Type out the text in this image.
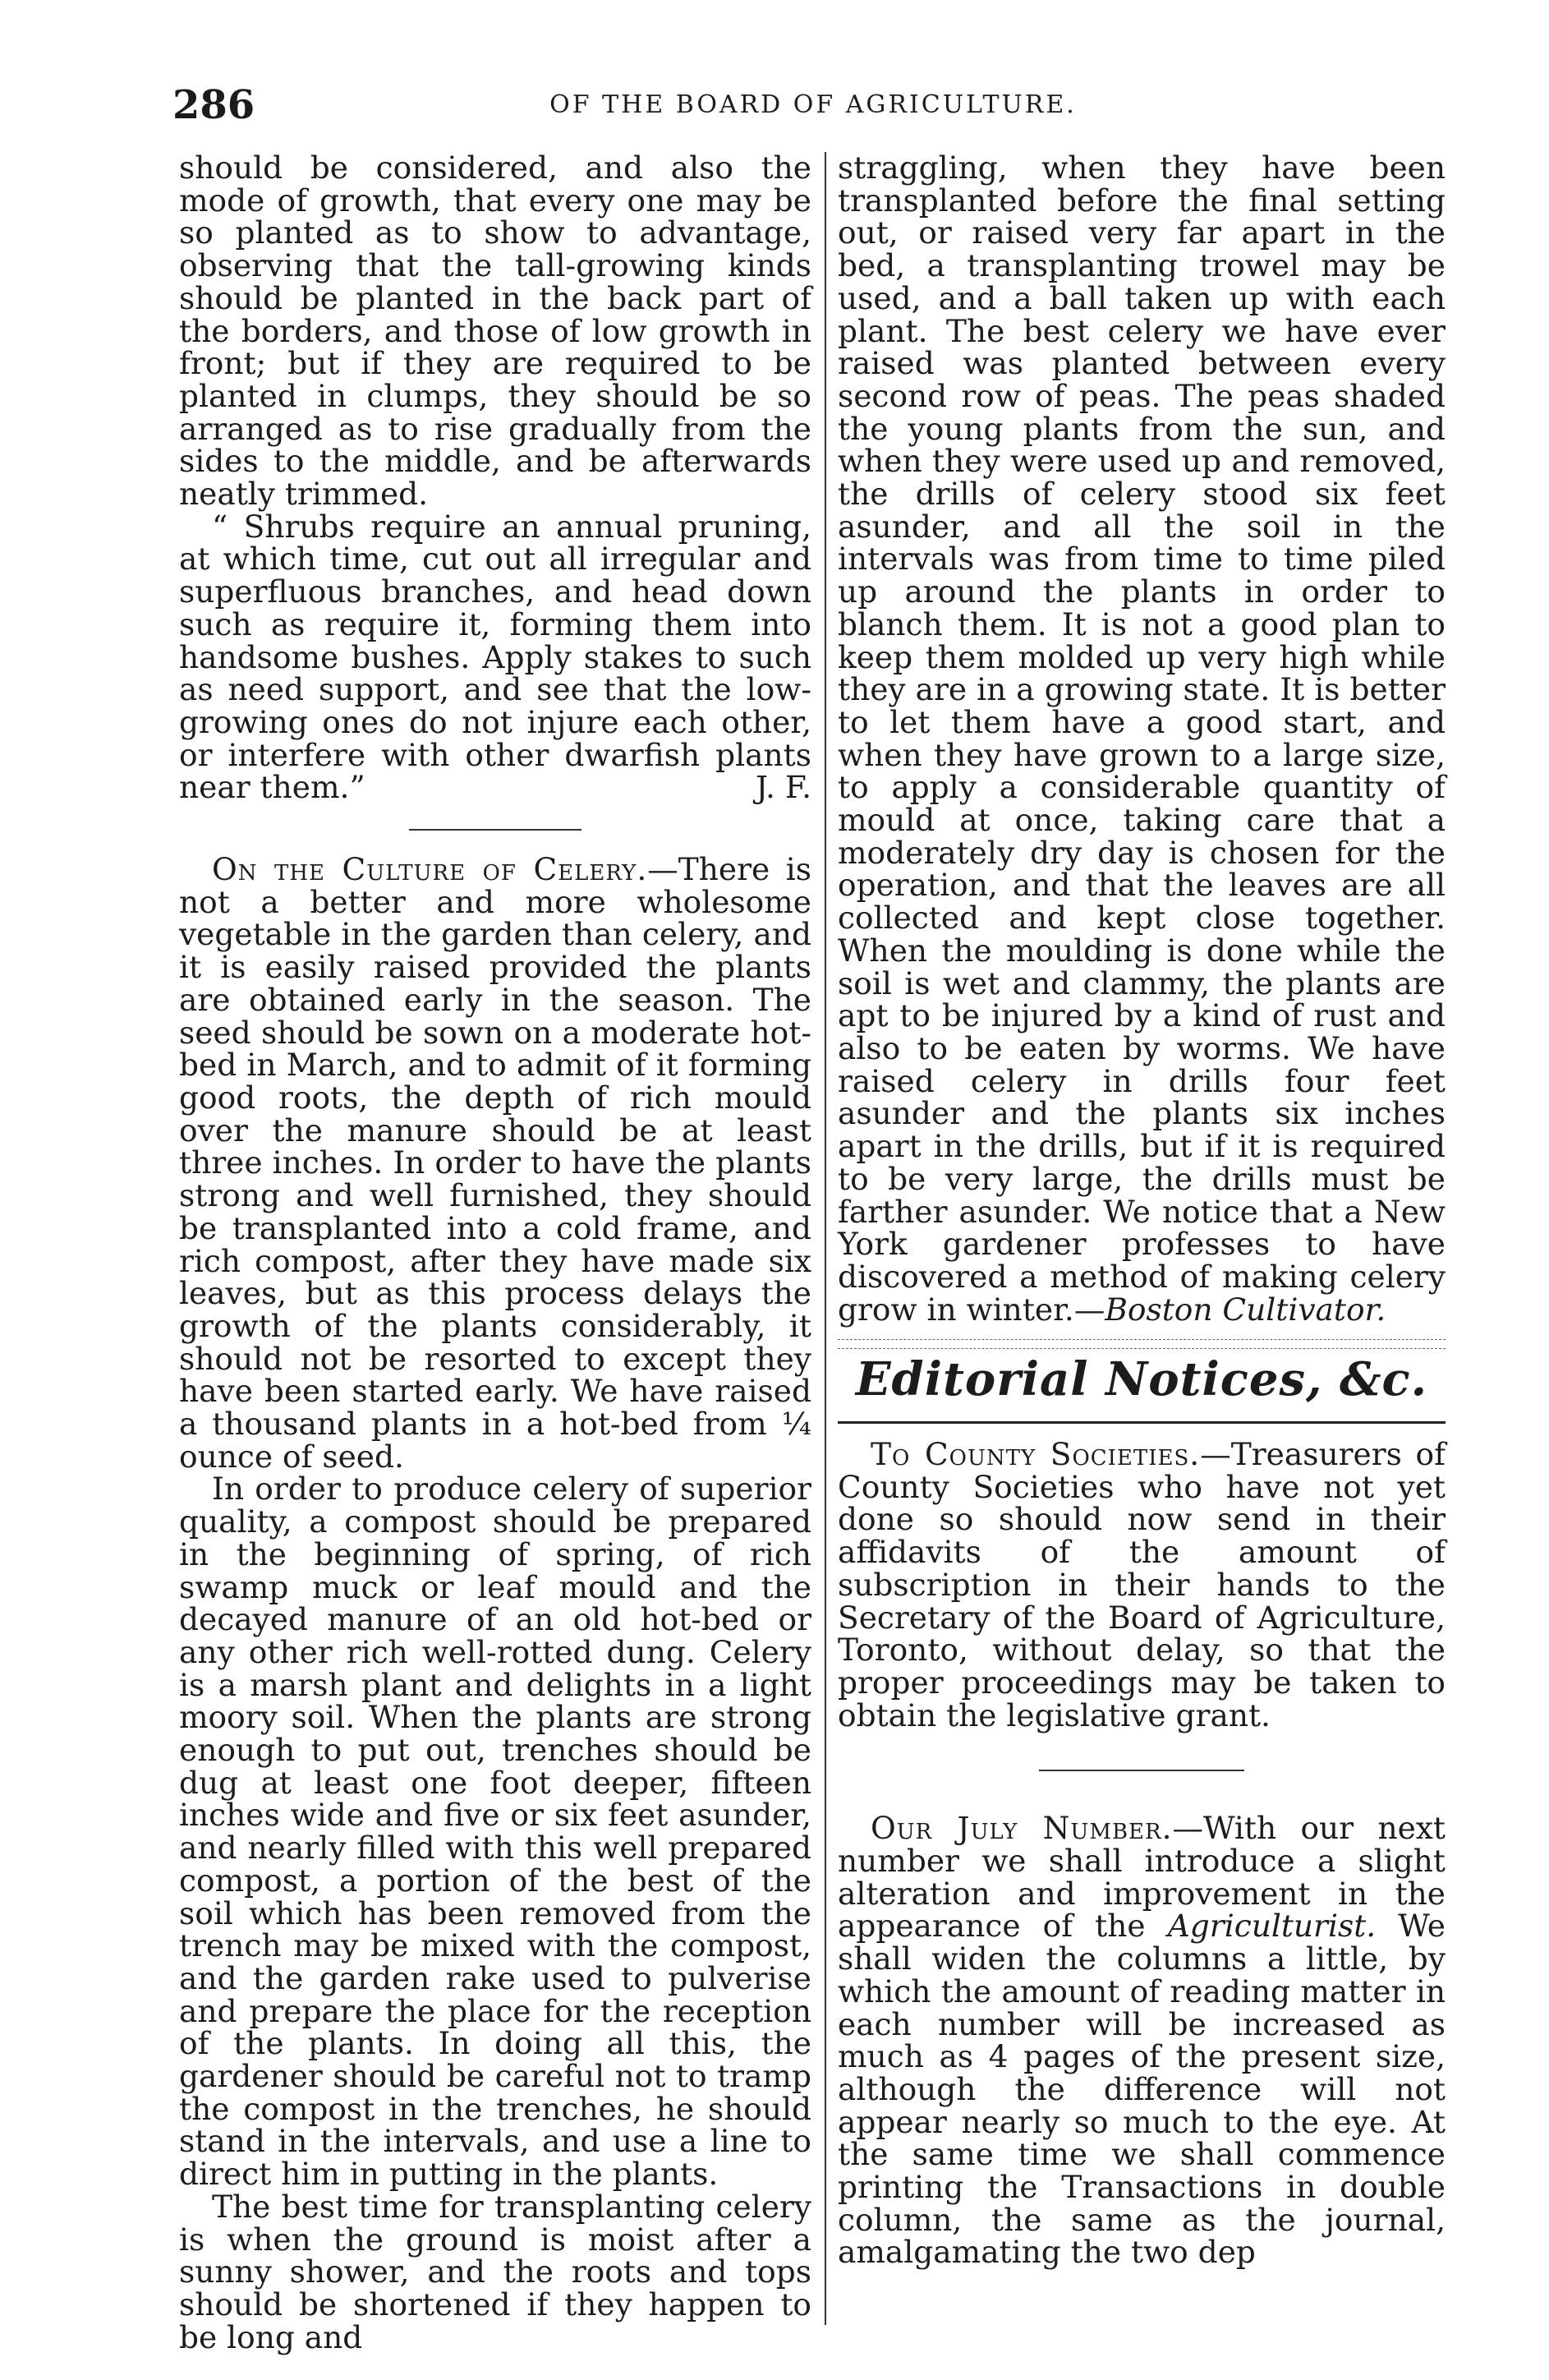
286	OF THE BOARD OF AGRICULTURE.

should be considered, and also the mode of growth, that every one may be so planted as to show to advantage, observing that the tall-growing kinds should be planted in the back part of the borders, and those of low growth in front; but if they are required to be planted in clumps, they should be so arranged as to rise gradually from the sides to the middle, and be afterwards neatly trimmed.

“ Shrubs require an annual pruning, at which time, cut out all irregular and superfluous branches, and head down such as require it, forming them into handsome bushes. Apply stakes to such as need support, and see that the low-growing ones do not injure each other, or interfere with other dwarfish plants near them.”	J. F.

On the Culture of Celery.—There is not a better and more wholesome vegetable in the garden than celery, and it is easily raised provided the plants are obtained early in the season. The seed should be sown on a moderate hot-bed in March, and to admit of it forming good roots, the depth of rich mould over the manure should be at least three inches. In order to have the plants strong and well furnished, they should be transplanted into a cold frame, and rich compost, after they have made six leaves, but as this process delays the growth of the plants considerably, it should not be resorted to except they have been started early. We have raised a thousand plants in a hot-bed from ¼ ounce of seed.

In order to produce celery of superior quality, a compost should be prepared in the beginning of spring, of rich swamp muck or leaf mould and the decayed manure of an old hot-bed or any other rich well-rotted dung. Celery is a marsh plant and delights in a light moory soil. When the plants are strong enough to put out, trenches should be dug at least one foot deeper, fifteen inches wide and five or six feet asunder, and nearly filled with this well prepared compost, a portion of the best of the soil which has been removed from the trench may be mixed with the compost, and the garden rake used to pulverise and prepare the place for the reception of the plants. In doing all this, the gardener should be careful not to tramp the compost in the trenches, he should stand in the intervals, and use a line to direct him in putting in the plants.

The best time for transplanting celery is when the ground is moist after a sunny shower, and the roots and tops should be shortened if they happen to be long and

straggling, when they have been transplanted before the final setting out, or raised very far apart in the bed, a transplanting trowel may be used, and a ball taken up with each plant. The best celery we have ever raised was planted between every second row of peas. The peas shaded the young plants from the sun, and when they were used up and removed, the drills of celery stood six feet asunder, and all the soil in the intervals was from time to time piled up around the plants in order to blanch them. It is not a good plan to keep them molded up very high while they are in a growing state. It is better to let them have a good start, and when they have grown to a large size, to apply a considerable quantity of mould at once, taking care that a moderately dry day is chosen for the operation, and that the leaves are all collected and kept close together. When the moulding is done while the soil is wet and clammy, the plants are apt to be injured by a kind of rust and also to be eaten by worms. We have raised celery in drills four feet asunder and the plants six inches apart in the drills, but if it is required to be very large, the drills must be farther asunder. We notice that a New York gardener professes to have discovered a method of making celery grow in winter.—Boston Cultivator.

Editorial Notices, &c.

To County Societies.—Treasurers of County Societies who have not yet done so should now send in their affidavits of the amount of subscription in their hands to the Secretary of the Board of Agriculture, Toronto, without delay, so that the proper proceedings may be taken to obtain the legislative grant.

Our July Number.—With our next number we shall introduce a slight alteration and improvement in the appearance of the Agriculturist. We shall widen the columns a little, by which the amount of reading matter in each number will be increased as much as 4 pages of the present size, although the difference will not appear nearly so much to the eye. At the same time we shall commence printing the Transactions in double column, the same as the journal, amalgamating the two dep
